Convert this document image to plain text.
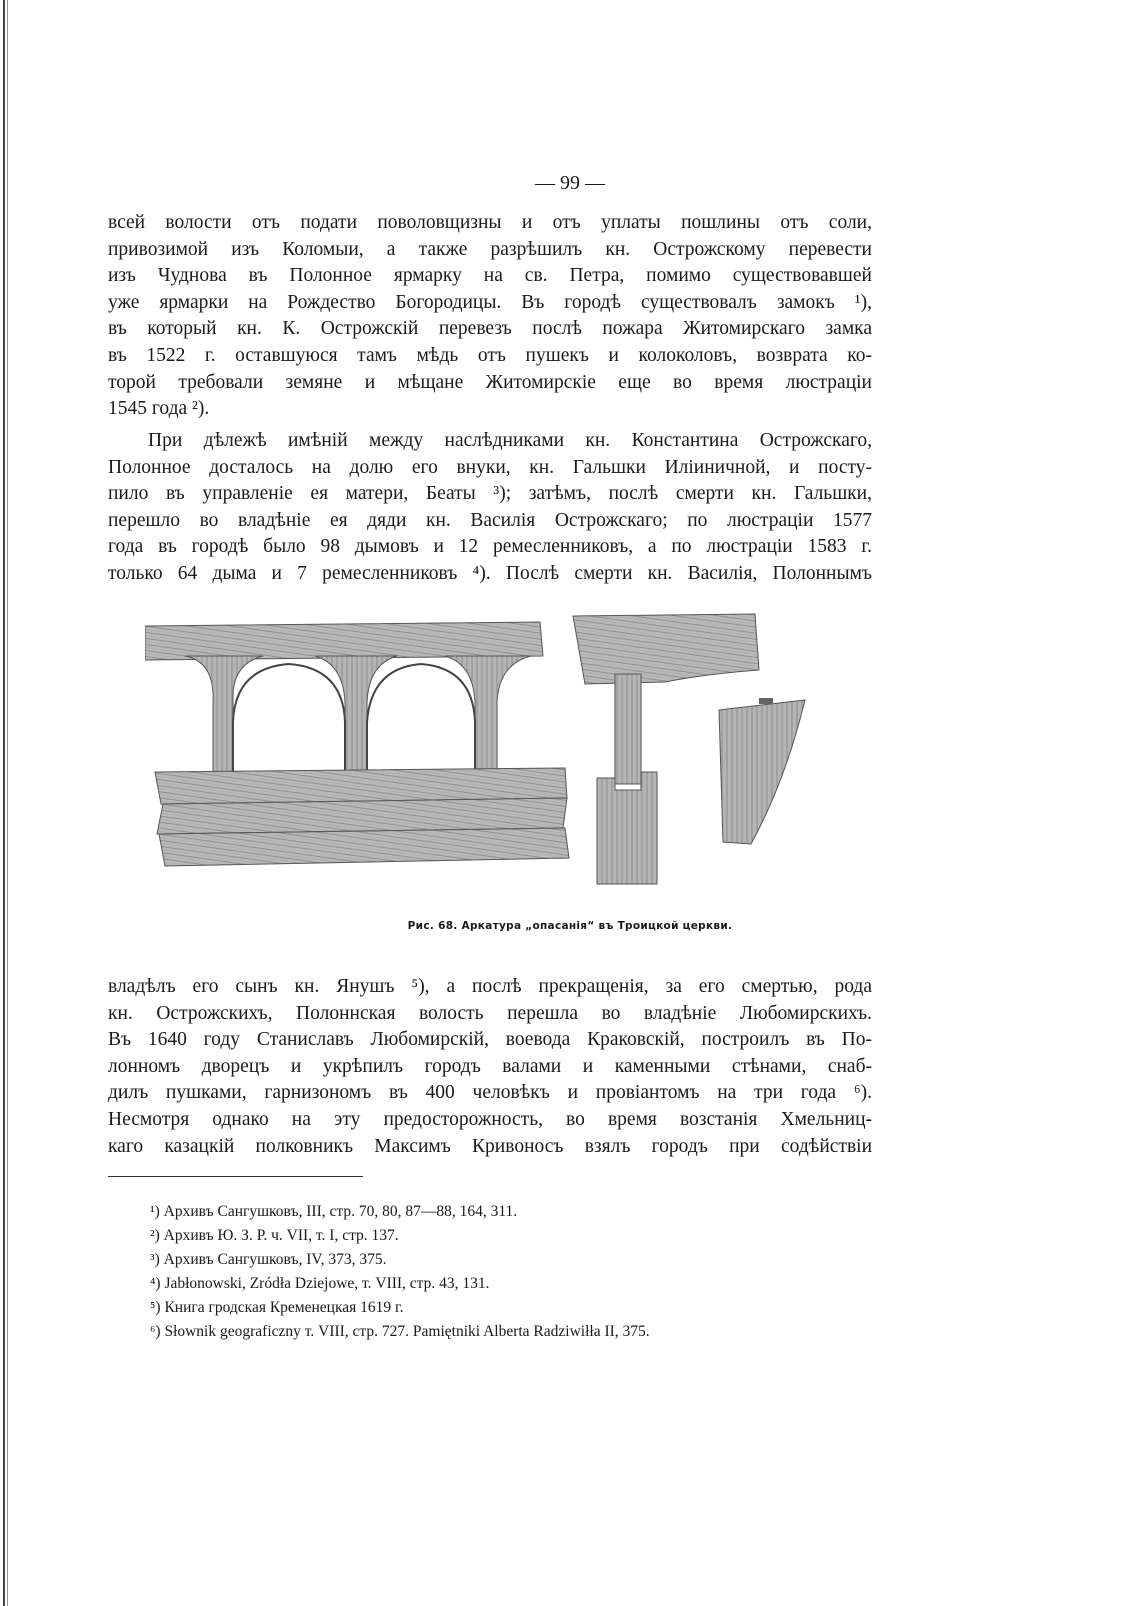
— 99 —
всей волости отъ подати поволовщизны и отъ уплаты пошлины отъ соли,
привозимой изъ Коломыи, а также разрѣшилъ кн. Острожскому перевести
изъ Чуднова въ Полонное ярмарку на св. Петра, помимо существовавшей
уже ярмарки на Рождество Богородицы. Въ городѣ существовалъ замокъ ¹),
въ который кн. К. Острожскій перевезъ послѣ пожара Житомирскаго замка
въ 1522 г. оставшуюся тамъ мѣдь отъ пушекъ и колоколовъ, возврата ко-
торой требовали земяне и мѣщане Житомирскіе еще во время люстраціи
1545 года ²).
При дѣлежѣ имѣній между наслѣдниками кн. Константина Острожскаго,
Полонное досталось на долю его внуки, кн. Гальшки Иліиничной, и посту-
пило въ управленіе ея матери, Беаты ³); затѣмъ, послѣ смерти кн. Гальшки,
перешло во владѣніе ея дяди кн. Василія Острожскаго; по люстраціи 1577
года въ городѣ было 98 дымовъ и 12 ремесленниковъ, а по люстраціи 1583 г.
только 64 дыма и 7 ремесленниковъ ⁴). Послѣ смерти кн. Василія, Полоннымъ
Рис. 68. Аркатура „опасанія“ въ Троицкой церкви.
владѣлъ его сынъ кн. Янушъ ⁵), а послѣ прекращенія, за его смертью, рода
кн. Острожскихъ, Полоннская волость перешла во владѣніе Любомирскихъ.
Въ 1640 году Станиславъ Любомирскій, воевода Краковскій, построилъ въ По-
лонномъ дворецъ и укрѣпилъ городъ валами и каменными стѣнами, снаб-
дилъ пушками, гарнизономъ въ 400 человѣкъ и провіантомъ на три года ⁶).
Несмотря однако на эту предосторожность, во время возстанія Хмельниц-
каго казацкій полковникъ Максимъ Кривоносъ взялъ городъ при содѣйствіи
¹) Архивъ Сангушковъ, III, стр. 70, 80, 87—88, 164, 311.
²) Архивъ Ю. З. Р. ч. VII, т. I, стр. 137.
³) Архивъ Сангушковъ, IV, 373, 375.
⁴) Jabłonowski, Zródła Dziejowe, т. VIII, стр. 43, 131.
⁵) Книга гродская Кременецкая 1619 г.
⁶) Słownik geograficzny т. VIII, стр. 727. Pamiętniki Alberta Radziwiłła II, 375.
